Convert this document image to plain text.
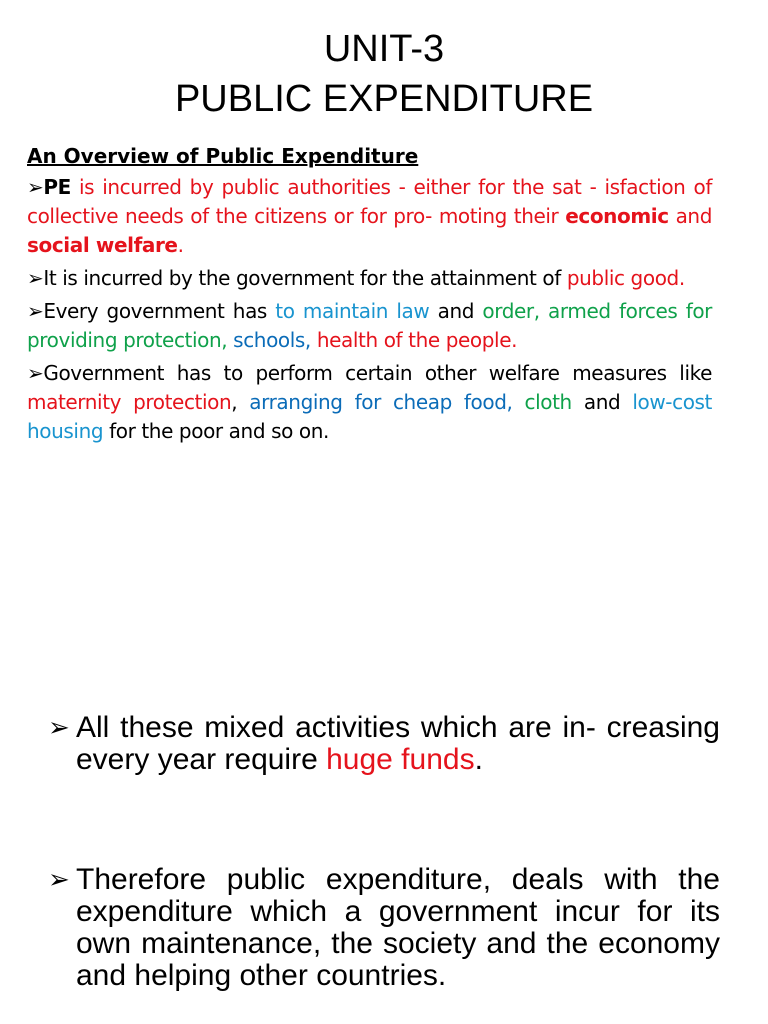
UNIT-3
PUBLIC EXPENDITURE
An Overview of Public Expenditure
➢PE is incurred by public authorities - either for the sat - isfaction of collective needs of the citizens or for pro- moting their economic and social welfare.
➢It is incurred by the government for the attainment of public good.
➢Every government has to maintain law and order, armed forces for providing protection, schools, health of the people.
➢Government has to perform certain other welfare measures like maternity protection, arranging for cheap food, cloth and low-cost housing for the poor and so on.
➢ All these mixed activities which are in- creasing every year require huge funds.
➢ Therefore public expenditure, deals with the expenditure which a government incur for its own maintenance, the society and the economy and helping other countries.
